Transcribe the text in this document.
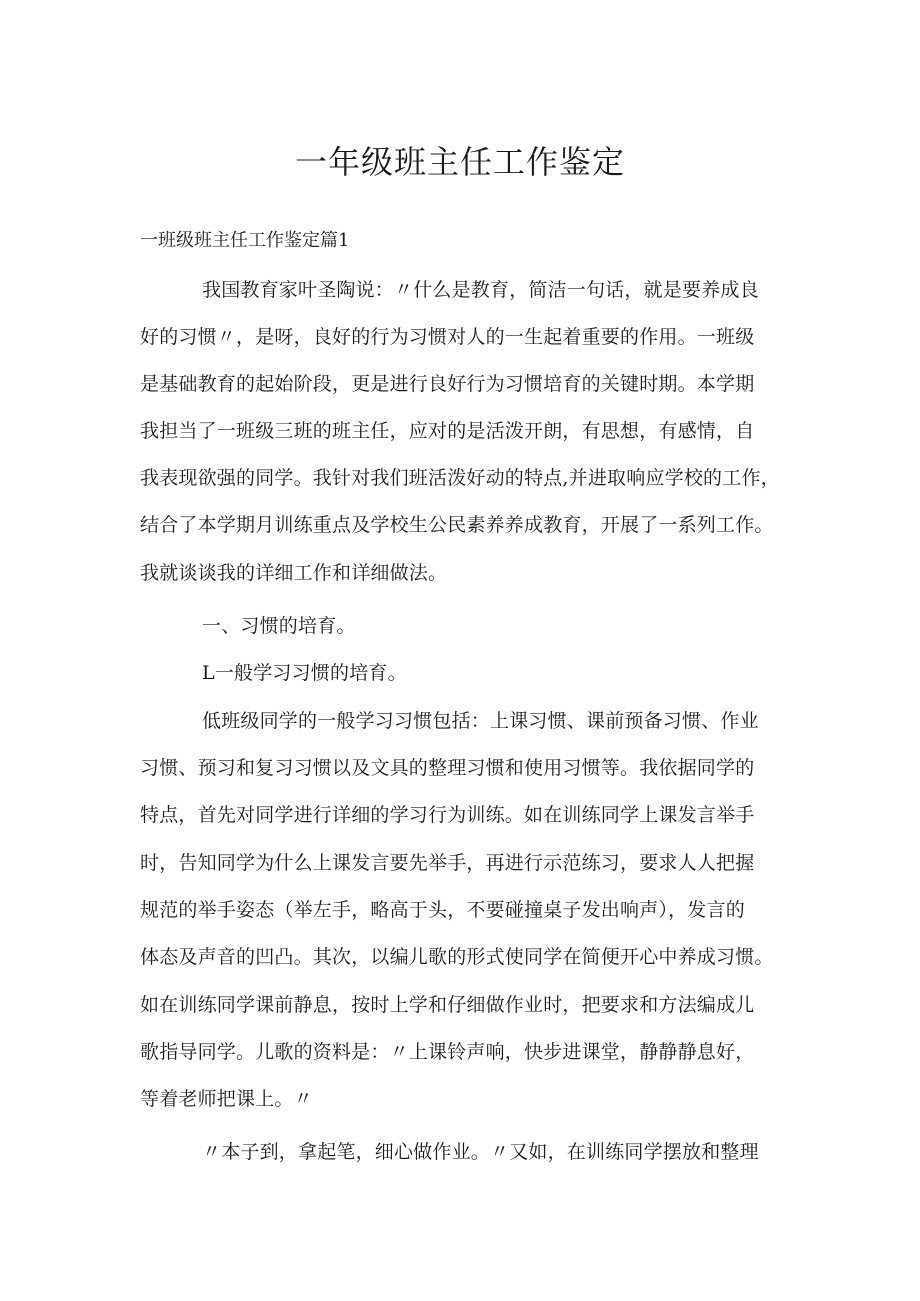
一年级班主任工作鉴定

一班级班主任工作鉴定篇1

我国教育家叶圣陶说：〃什么是教育，简洁一句话，就是要养成良

好的习惯〃，是呀，良好的行为习惯对人的一生起着重要的作用。一班级

是基础教育的起始阶段，更是进行良好行为习惯培育的关键时期。本学期

我担当了一班级三班的班主任，应对的是活泼开朗，有思想，有感情，自

我表现欲强的同学。我针对我们班活泼好动的特点,并进取响应学校的工作，

结合了本学期月训练重点及学校生公民素养养成教育，开展了一系列工作。

我就谈谈我的详细工作和详细做法。

一、习惯的培育。

L一般学习习惯的培育。

低班级同学的一般学习习惯包括：上课习惯、课前预备习惯、作业

习惯、预习和复习习惯以及文具的整理习惯和使用习惯等。我依据同学的

特点，首先对同学进行详细的学习行为训练。如在训练同学上课发言举手

时，告知同学为什么上课发言要先举手，再进行示范练习，要求人人把握

规范的举手姿态（举左手，略高于头，不要碰撞桌子发出响声），发言的

体态及声音的凹凸。其次，以编儿歌的形式使同学在简便开心中养成习惯。

如在训练同学课前静息，按时上学和仔细做作业时，把要求和方法编成儿

歌指导同学。儿歌的资料是：〃上课铃声响，快步进课堂，静静静息好，

等着老师把课上。〃

〃本子到，拿起笔，细心做作业。〃又如，在训练同学摆放和整理
